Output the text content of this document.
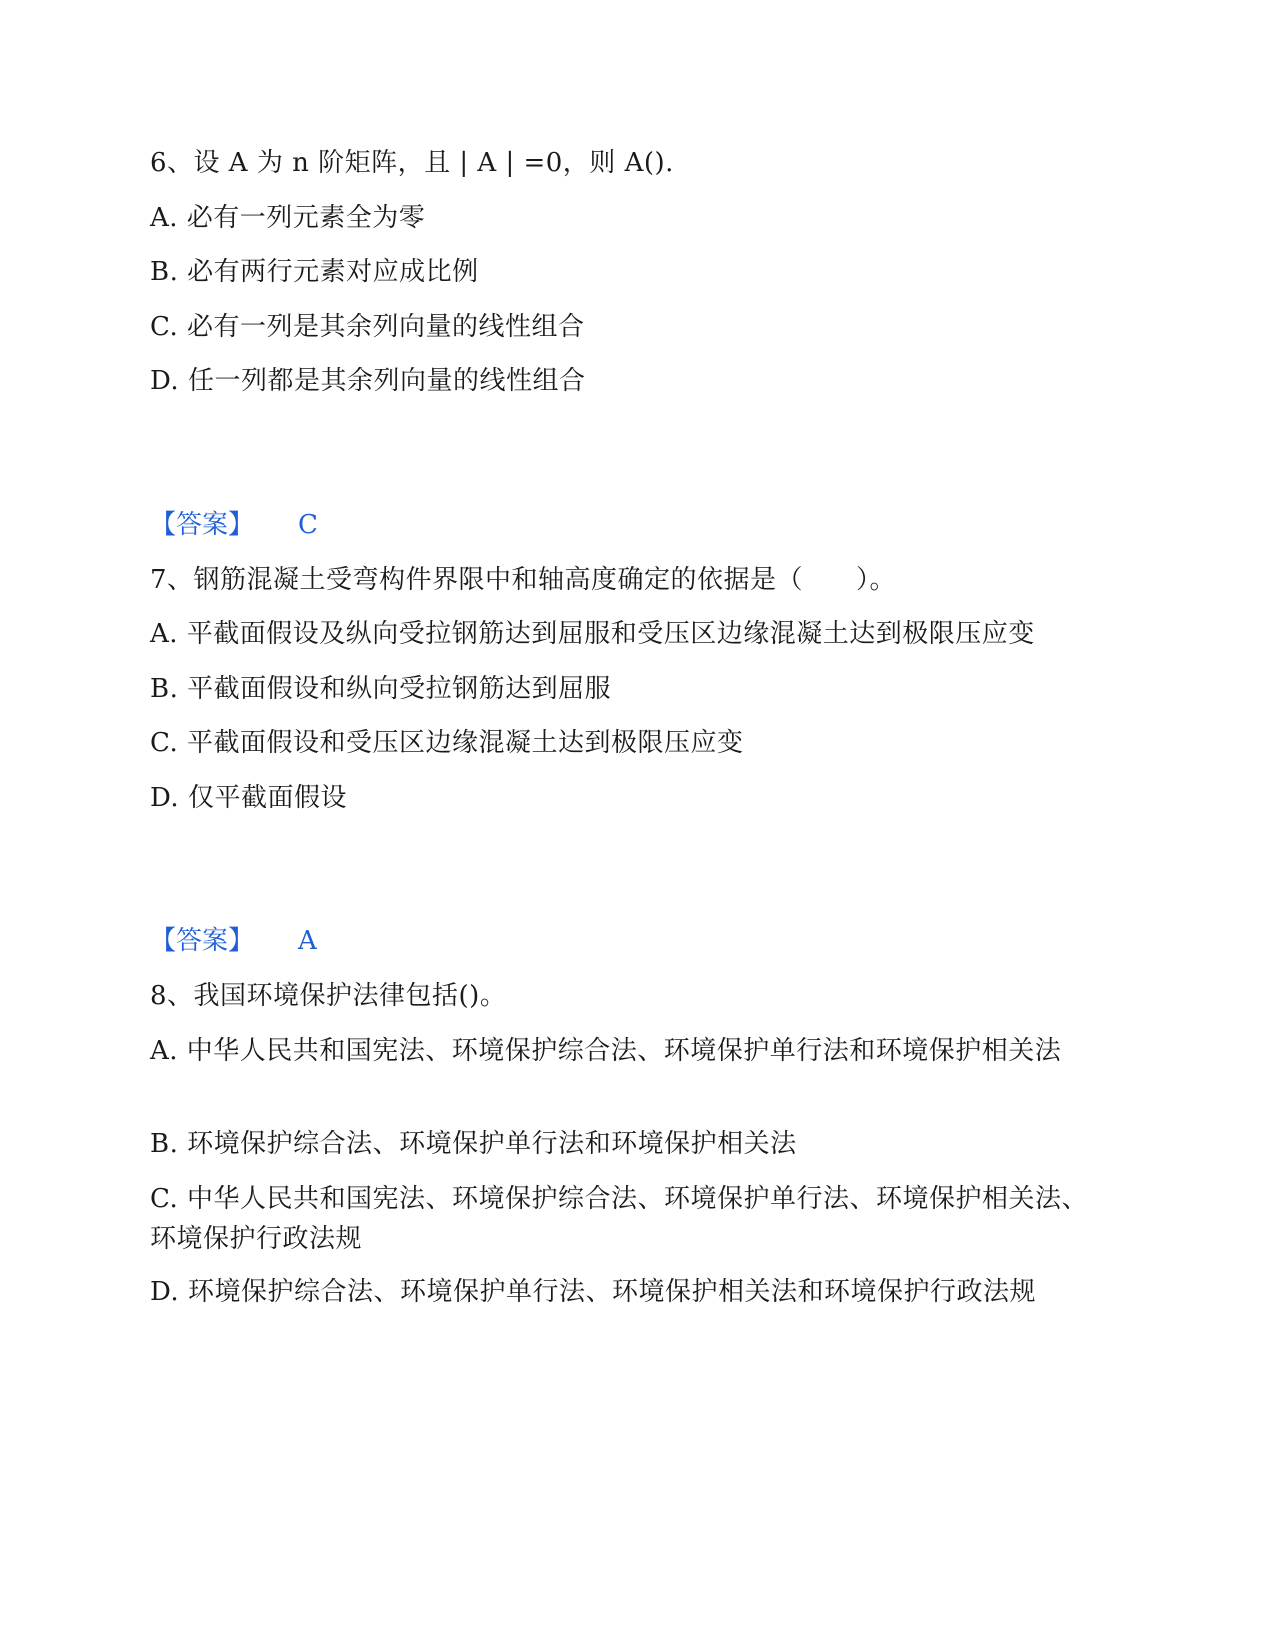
6、设 A 为 n 阶矩阵，且 | A | =0，则 A().
A. 必有一列元素全为零
B. 必有两行元素对应成比例
C. 必有一列是其余列向量的线性组合
D. 任一列都是其余列向量的线性组合
【答案】 C
7、钢筋混凝土受弯构件界限中和轴高度确定的依据是（　　）。
A. 平截面假设及纵向受拉钢筋达到屈服和受压区边缘混凝土达到极限压应变
B. 平截面假设和纵向受拉钢筋达到屈服
C. 平截面假设和受压区边缘混凝土达到极限压应变
D. 仅平截面假设
【答案】 A
8、我国环境保护法律包括()。
A. 中华人民共和国宪法、环境保护综合法、环境保护单行法和环境保护相关法
B. 环境保护综合法、环境保护单行法和环境保护相关法
C. 中华人民共和国宪法、环境保护综合法、环境保护单行法、环境保护相关法、环境保护行政法规
D. 环境保护综合法、环境保护单行法、环境保护相关法和环境保护行政法规
